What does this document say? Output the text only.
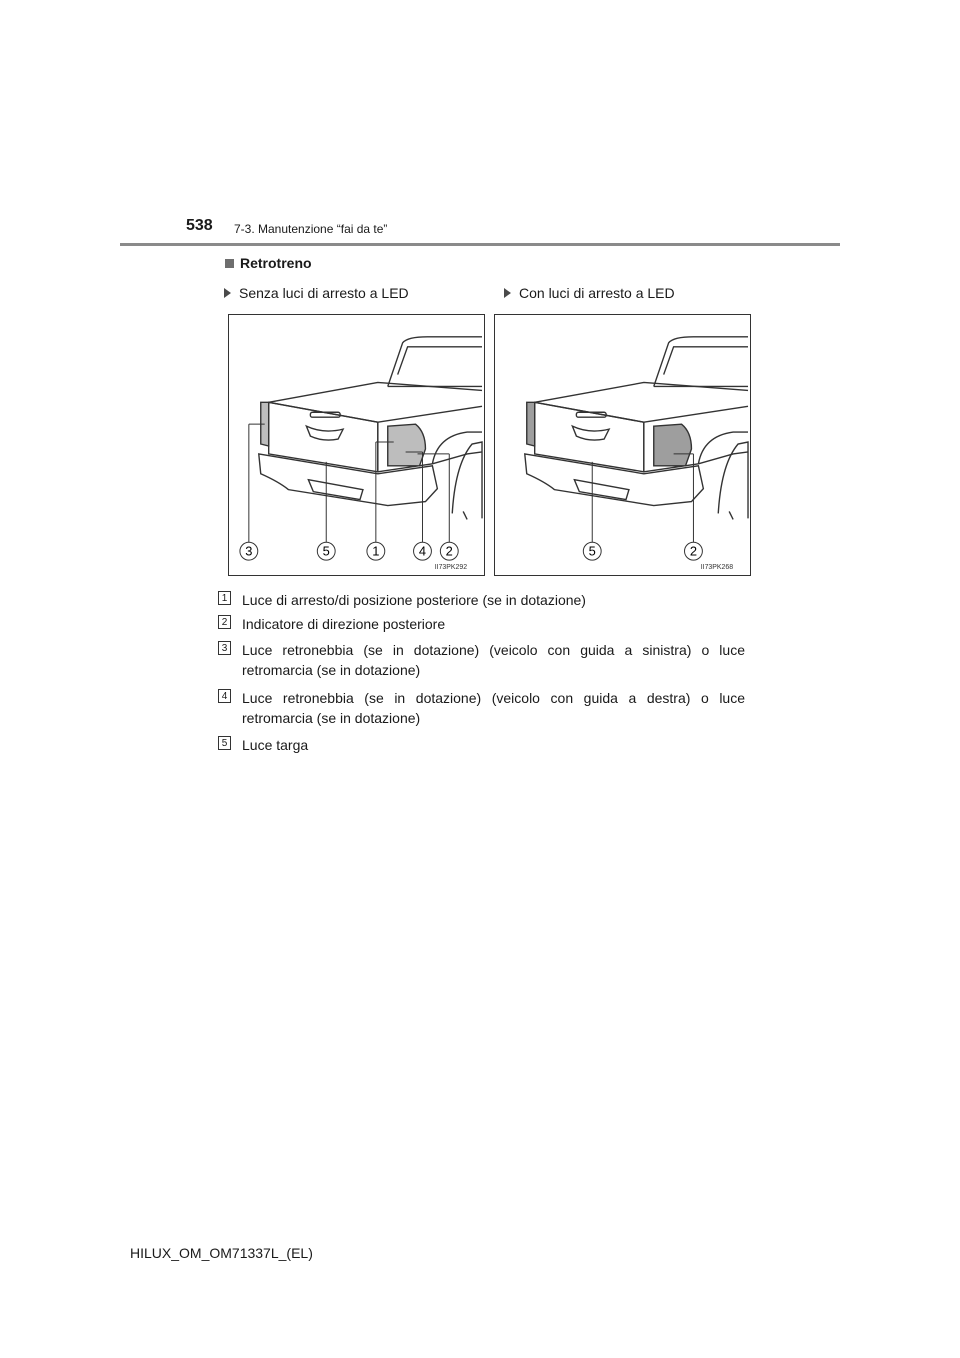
538 7-3. Manutenzione “fai da te”
Retrotreno
Senza luci di arresto a LED	Con luci di arresto a LED
3	5	1	4 2
II73PK292
5	2
II73PK268
1 Luce di arresto/di posizione posteriore (se in dotazione)
2 Indicatore di direzione posteriore
3 Luce retronebbia (se in dotazione) (veicolo con guida a sinistra) o luce retromarcia (se in dotazione)
4 Luce retronebbia (se in dotazione) (veicolo con guida a destra) o luce retromarcia (se in dotazione)
5 Luce targa
HILUX_OM_OM71337L_(EL)
